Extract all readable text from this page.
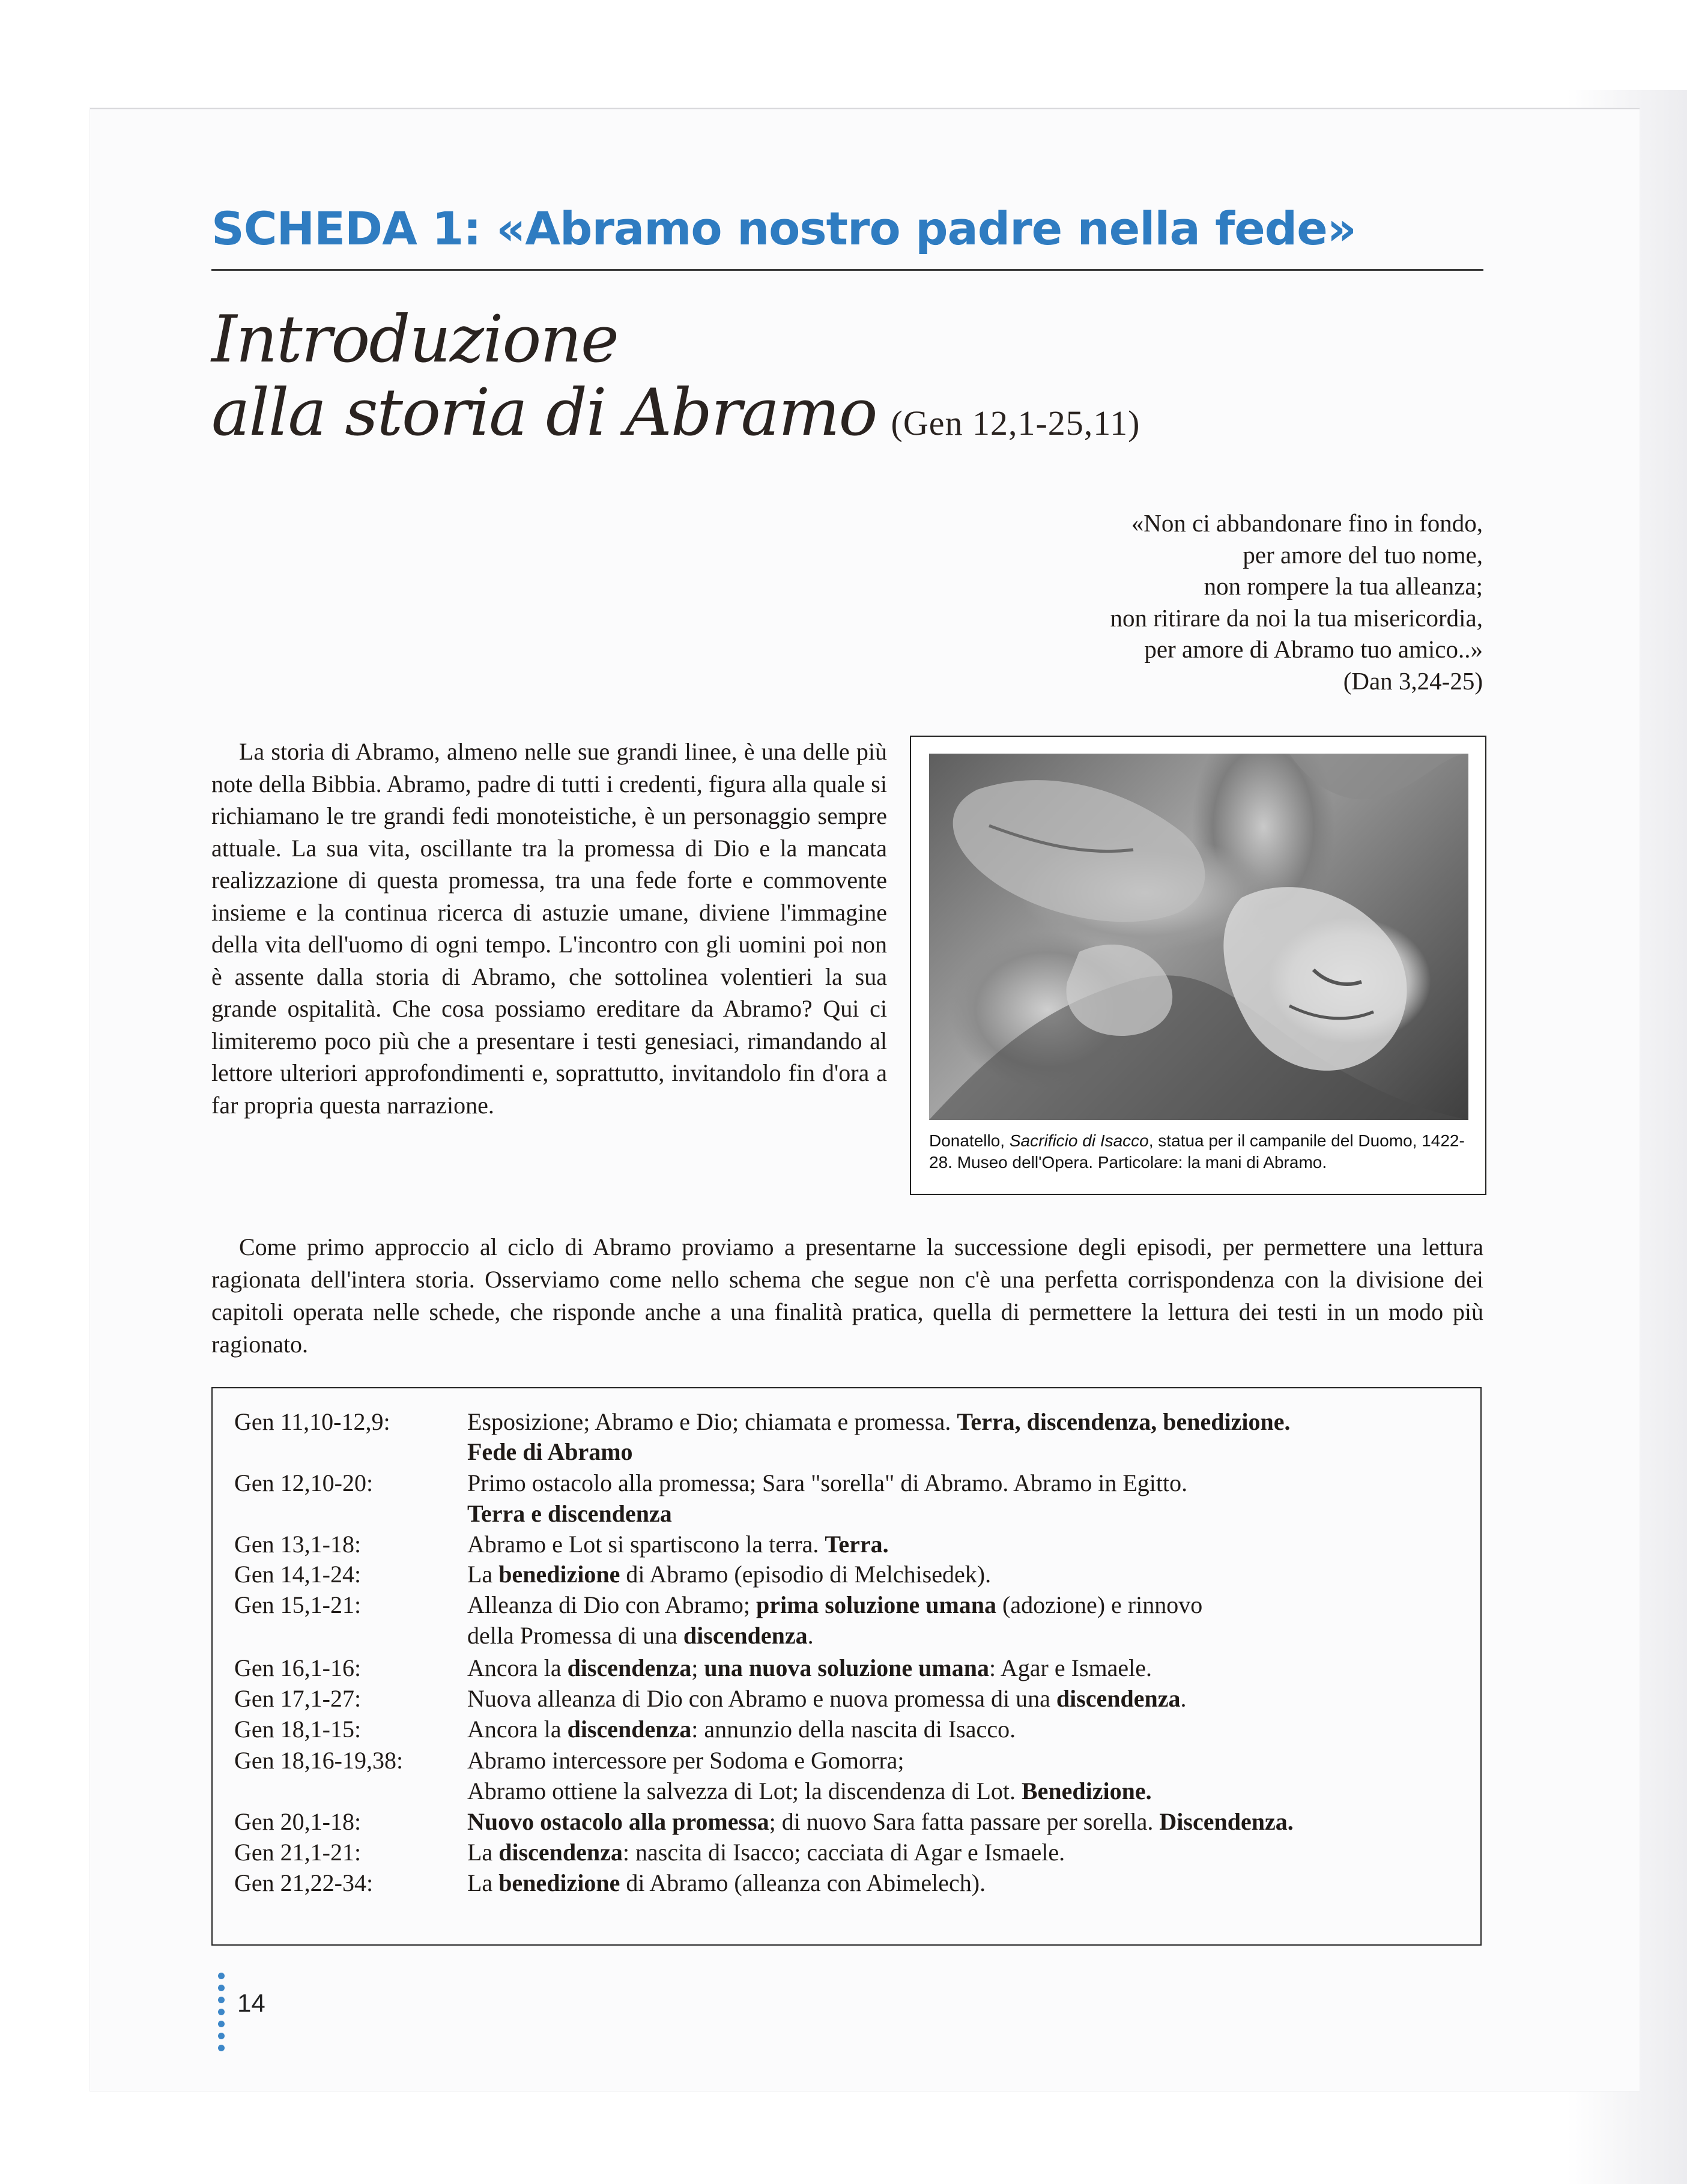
SCHEDA 1: «Abramo nostro padre nella fede»
Introduzione
alla storia di Abramo (Gen 12,1-25,11)
«Non ci abbandonare fino in fondo,
per amore del tuo nome,
non rompere la tua alleanza;
non ritirare da noi la tua misericordia,
per amore di Abramo tuo amico..»
(Dan 3,24-25)

La storia di Abramo, almeno nelle sue grandi linee, è una delle più note della Bibbia. Abramo, padre di tutti i credenti, figura alla quale si richiamano le tre grandi fedi monoteistiche, è un personaggio sempre attuale. La sua vita, oscillante tra la promessa di Dio e la mancata realizzazione di questa promessa, tra una fede forte e commovente insieme e la continua ricerca di astuzie umane, diviene l'immagine della vita dell'uomo di ogni tempo. L'incontro con gli uomini poi non è assente dalla storia di Abramo, che sottolinea volentieri la sua grande ospitalità. Che cosa possiamo ereditare da Abramo? Qui ci limiteremo poco più che a presentare i testi genesiaci, rimandando al lettore ulteriori approfondimenti e, soprattutto, invitandolo fin d'ora a far propria questa narrazione.

Donatello, Sacrificio di Isacco, statua per il campanile del Duomo, 1422-28. Museo dell'Opera. Particolare: la mani di Abramo.

Come primo approccio al ciclo di Abramo proviamo a presentarne la successione degli episodi, per permettere una lettura ragionata dell'intera storia. Osserviamo come nello schema che segue non c'è una perfetta corrispondenza con la divisione dei capitoli operata nelle schede, che risponde anche a una finalità pratica, quella di permettere la lettura dei testi in un modo più ragionato.

Gen 11,10-12,9:	Esposizione; Abramo e Dio; chiamata e promessa. Terra, discendenza, benedizione.
Fede di Abramo
Gen 12,10-20:	Primo ostacolo alla promessa; Sara "sorella" di Abramo. Abramo in Egitto.
Terra e discendenza
Gen 13,1-18:	Abramo e Lot si spartiscono la terra. Terra.
Gen 14,1-24:	La benedizione di Abramo (episodio di Melchisedek).
Gen 15,1-21:	Alleanza di Dio con Abramo; prima soluzione umana (adozione) e rinnovo
della Promessa di una discendenza.
Gen 16,1-16:	Ancora la discendenza; una nuova soluzione umana: Agar e Ismaele.
Gen 17,1-27:	Nuova alleanza di Dio con Abramo e nuova promessa di una discendenza.
Gen 18,1-15:	Ancora la discendenza: annunzio della nascita di Isacco.
Gen 18,16-19,38:	Abramo intercessore per Sodoma e Gomorra;
Abramo ottiene la salvezza di Lot; la discendenza di Lot. Benedizione.
Gen 20,1-18:	Nuovo ostacolo alla promessa; di nuovo Sara fatta passare per sorella. Discendenza.
Gen 21,1-21:	La discendenza: nascita di Isacco; cacciata di Agar e Ismaele.
Gen 21,22-34:	La benedizione di Abramo (alleanza con Abimelech).
14
